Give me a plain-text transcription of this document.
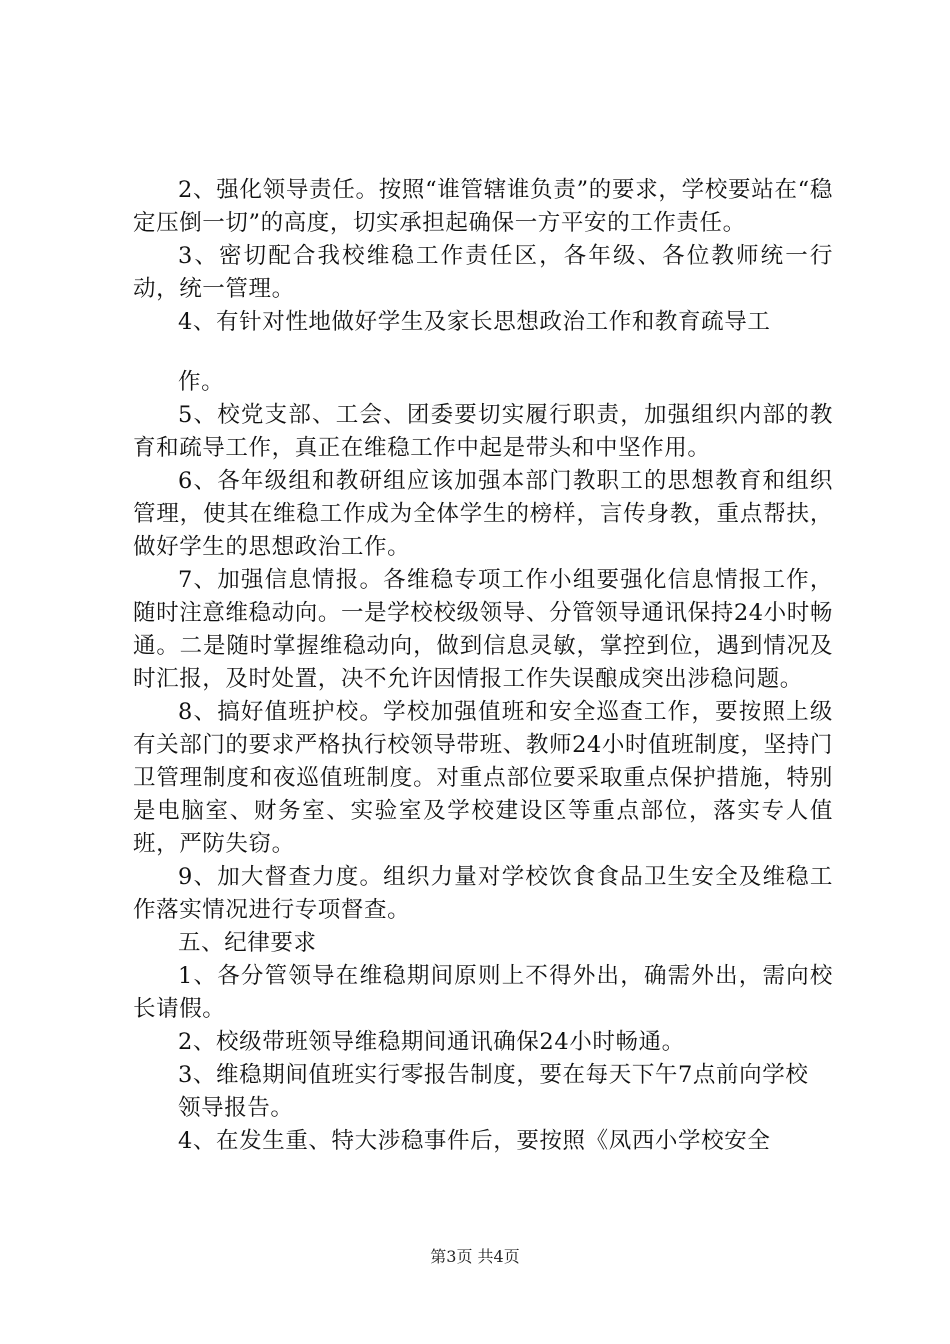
2、强化领导责任。按照“谁管辖谁负责”的要求，学校要站在“稳定压倒一切”的高度，切实承担起确保一方平安的工作责任。

3、密切配合我校维稳工作责任区，各年级、各位教师统一行动，统一管理。

4、有针对性地做好学生及家长思想政治工作和教育疏导工

作。

5、校党支部、工会、团委要切实履行职责，加强组织内部的教育和疏导工作，真正在维稳工作中起是带头和中坚作用。

6、各年级组和教研组应该加强本部门教职工的思想教育和组织管理，使其在维稳工作成为全体学生的榜样，言传身教，重点帮扶，做好学生的思想政治工作。

7、加强信息情报。各维稳专项工作小组要强化信息情报工作，随时注意维稳动向。一是学校校级领导、分管领导通讯保持24小时畅通。二是随时掌握维稳动向，做到信息灵敏，掌控到位，遇到情况及时汇报，及时处置，决不允许因情报工作失误酿成突出涉稳问题。

8、搞好值班护校。学校加强值班和安全巡查工作，要按照上级有关部门的要求严格执行校领导带班、教师24小时值班制度，坚持门卫管理制度和夜巡值班制度。对重点部位要采取重点保护措施，特别是电脑室、财务室、实验室及学校建设区等重点部位，落实专人值班，严防失窃。

9、加大督查力度。组织力量对学校饮食食品卫生安全及维稳工作落实情况进行专项督查。

五、纪律要求

1、各分管领导在维稳期间原则上不得外出，确需外出，需向校长请假。

2、校级带班领导维稳期间通讯确保24小时畅通。

3、维稳期间值班实行零报告制度，要在每天下午7点前向学校

领导报告。

4、在发生重、特大涉稳事件后，要按照《凤西小学校安全

第3页 共4页
